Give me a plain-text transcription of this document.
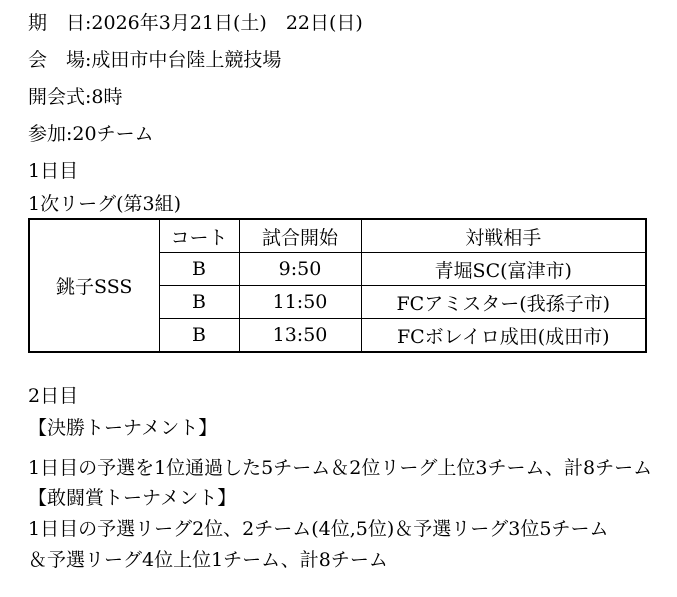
期　日:2026年3月21日(土)　22日(日)

会　場:成田市中台陸上競技場

開会式:8時

参加:20チーム

1日目

1次リーグ(第3組)

銚子SSS	コート	試合開始	対戦相手
	B	9:50	青堀SC(富津市)
	B	11:50	FCアミスター(我孫子市)
	B	13:50	FCボレイロ成田(成田市)

2日目

【決勝トーナメント】

1日目の予選を1位通過した5チーム＆2位リーグ上位3チーム、計8チーム

【敢闘賞トーナメント】

1日目の予選リーグ2位、2チーム(4位,5位)＆予選リーグ3位5チーム

＆予選リーグ4位上位1チーム、計8チーム
